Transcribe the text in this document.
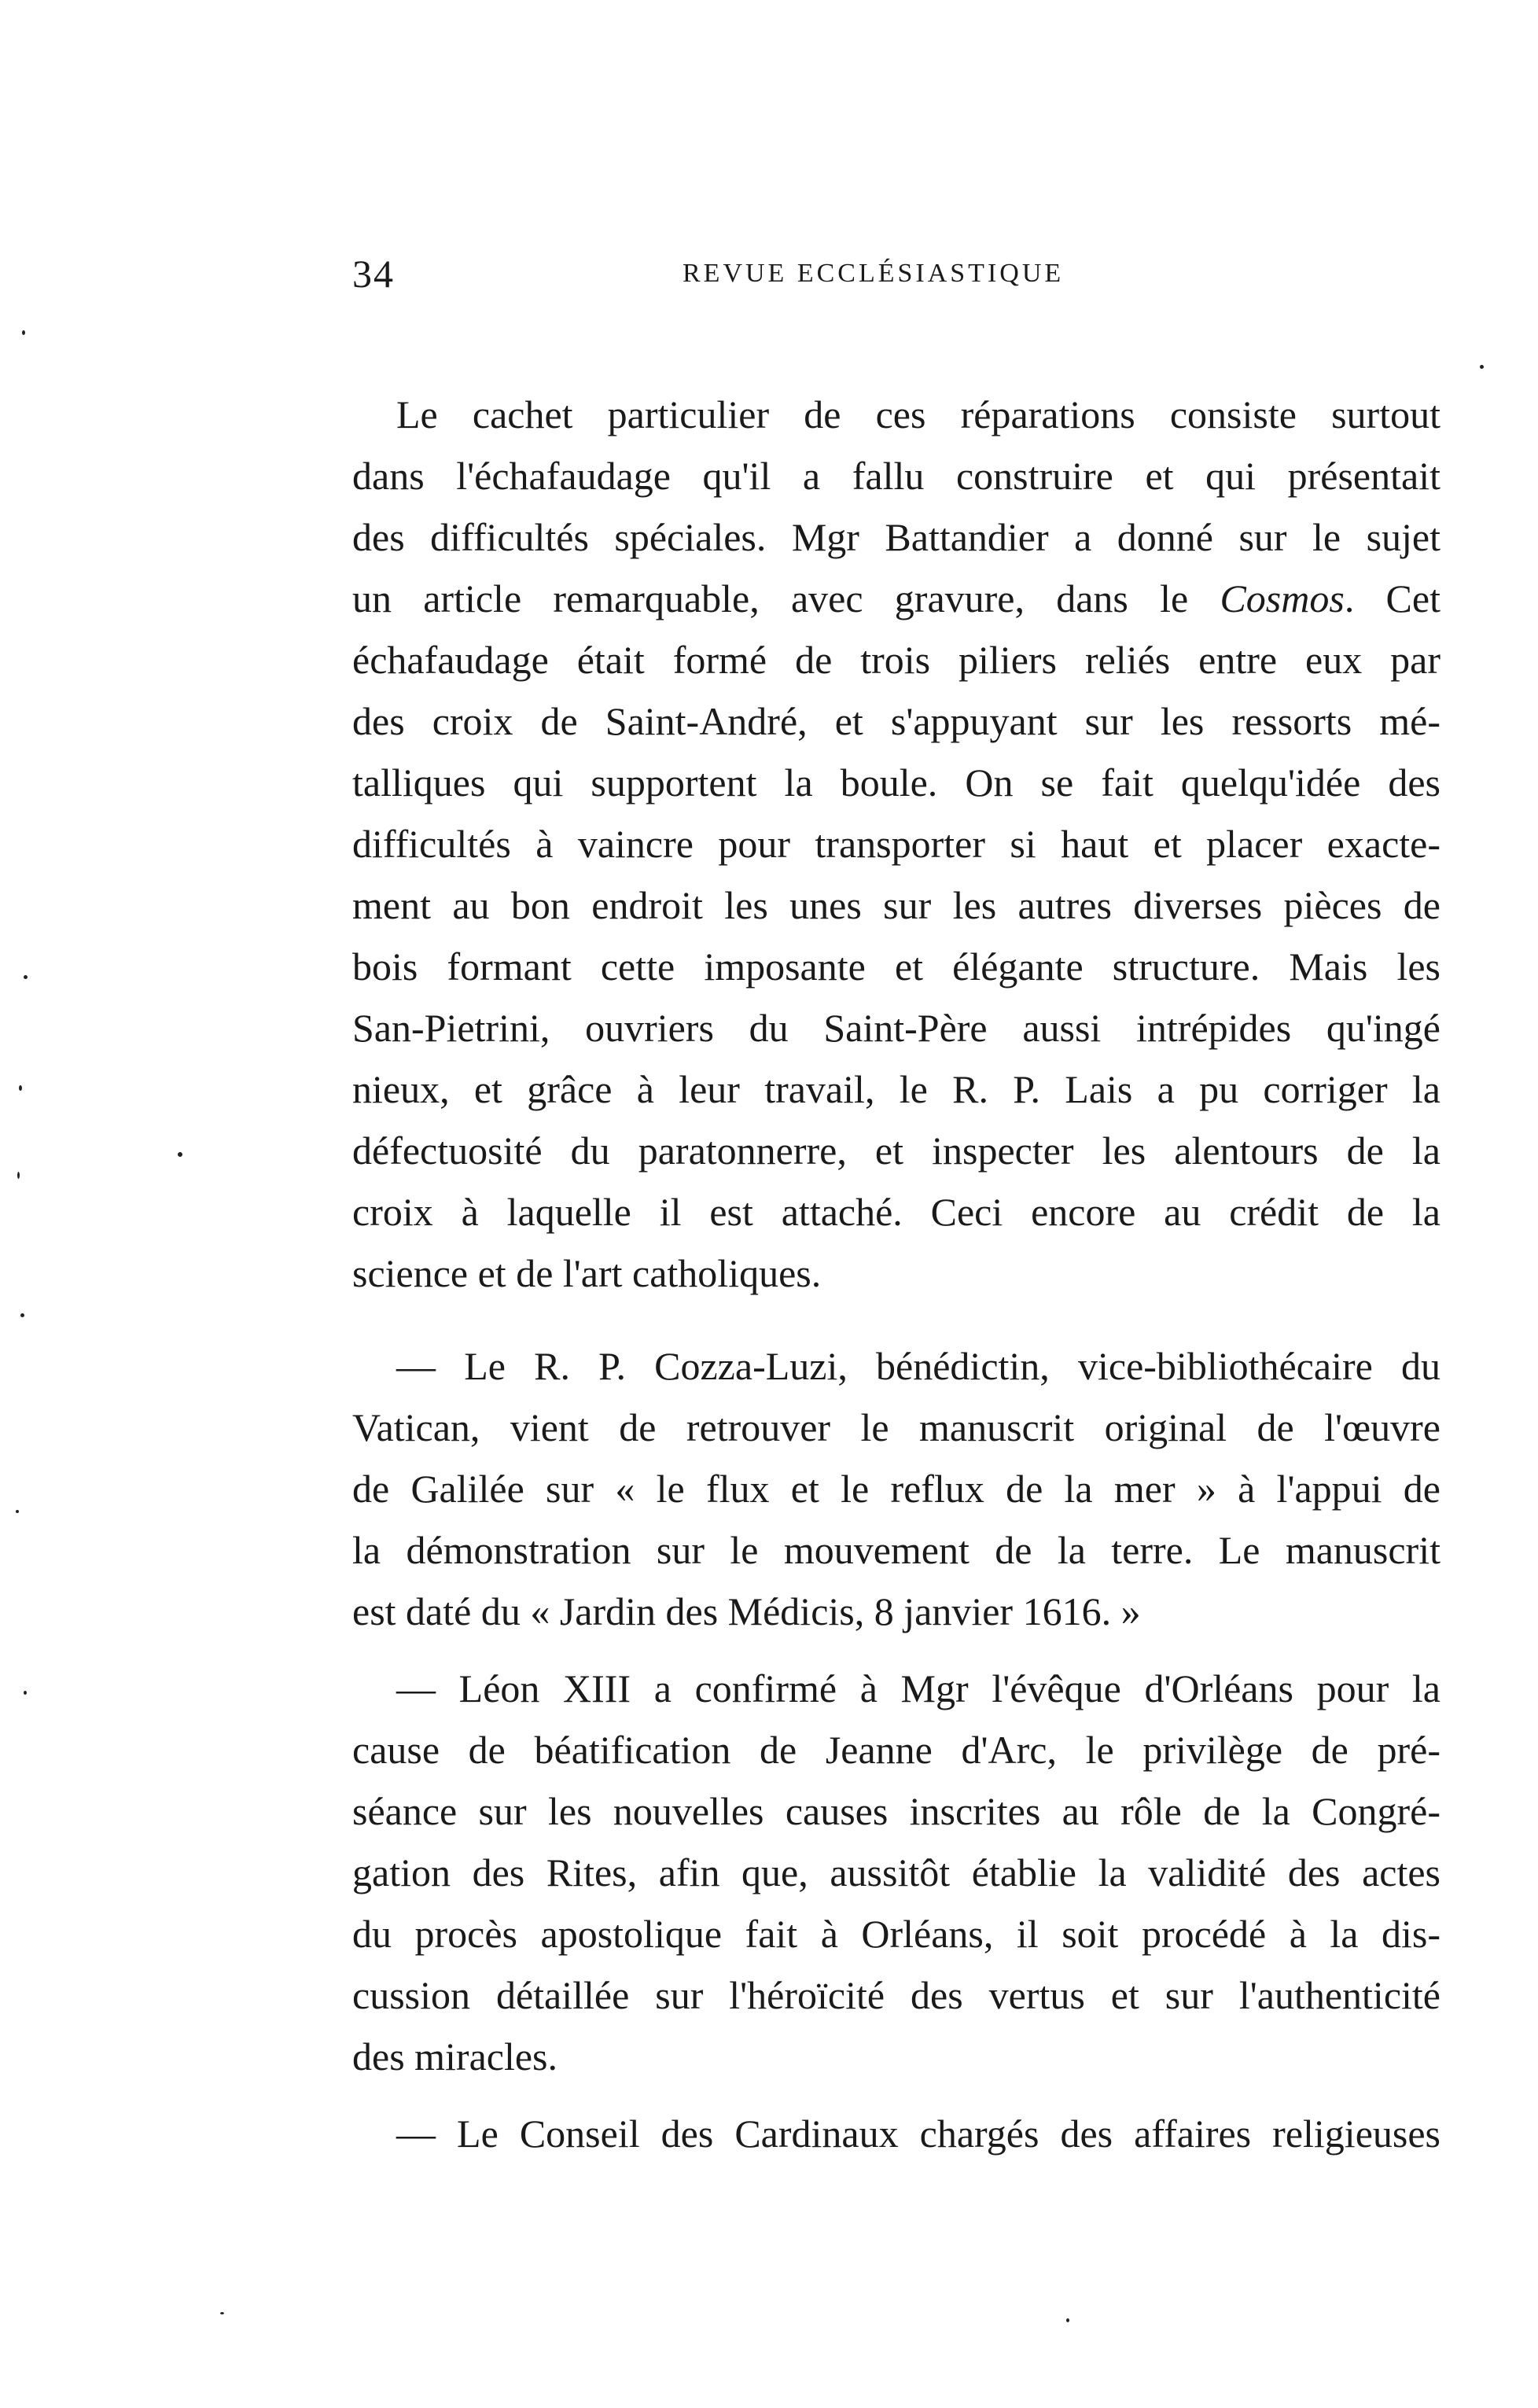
34	REVUE ECCLÉSIASTIQUE

Le cachet particulier de ces réparations consiste surtout
dans l'échafaudage qu'il a fallu construire et qui présentait
des difficultés spéciales. Mgr Battandier a donné sur le sujet
un article remarquable, avec gravure, dans le Cosmos. Cet
échafaudage était formé de trois piliers reliés entre eux par
des croix de Saint-André, et s'appuyant sur les ressorts mé-
talliques qui supportent la boule. On se fait quelqu'idée des
difficultés à vaincre pour transporter si haut et placer exacte-
ment au bon endroit les unes sur les autres diverses pièces de
bois formant cette imposante et élégante structure. Mais les
San-Pietrini, ouvriers du Saint-Père aussi intrépides qu'ingé
nieux, et grâce à leur travail, le R. P. Lais a pu corriger la
défectuosité du paratonnerre, et inspecter les alentours de la
croix à laquelle il est attaché. Ceci encore au crédit de la
science et de l'art catholiques.

— Le R. P. Cozza-Luzi, bénédictin, vice-bibliothécaire du
Vatican, vient de retrouver le manuscrit original de l'œuvre
de Galilée sur « le flux et le reflux de la mer » à l'appui de
la démonstration sur le mouvement de la terre. Le manuscrit
est daté du « Jardin des Médicis, 8 janvier 1616. »

— Léon XIII a confirmé à Mgr l'évêque d'Orléans pour la
cause de béatification de Jeanne d'Arc, le privilège de pré-
séance sur les nouvelles causes inscrites au rôle de la Congré-
gation des Rites, afin que, aussitôt établie la validité des actes
du procès apostolique fait à Orléans, il soit procédé à la dis-
cussion détaillée sur l'héroïcité des vertus et sur l'authenticité
des miracles.

— Le Conseil des Cardinaux chargés des affaires religieuses
